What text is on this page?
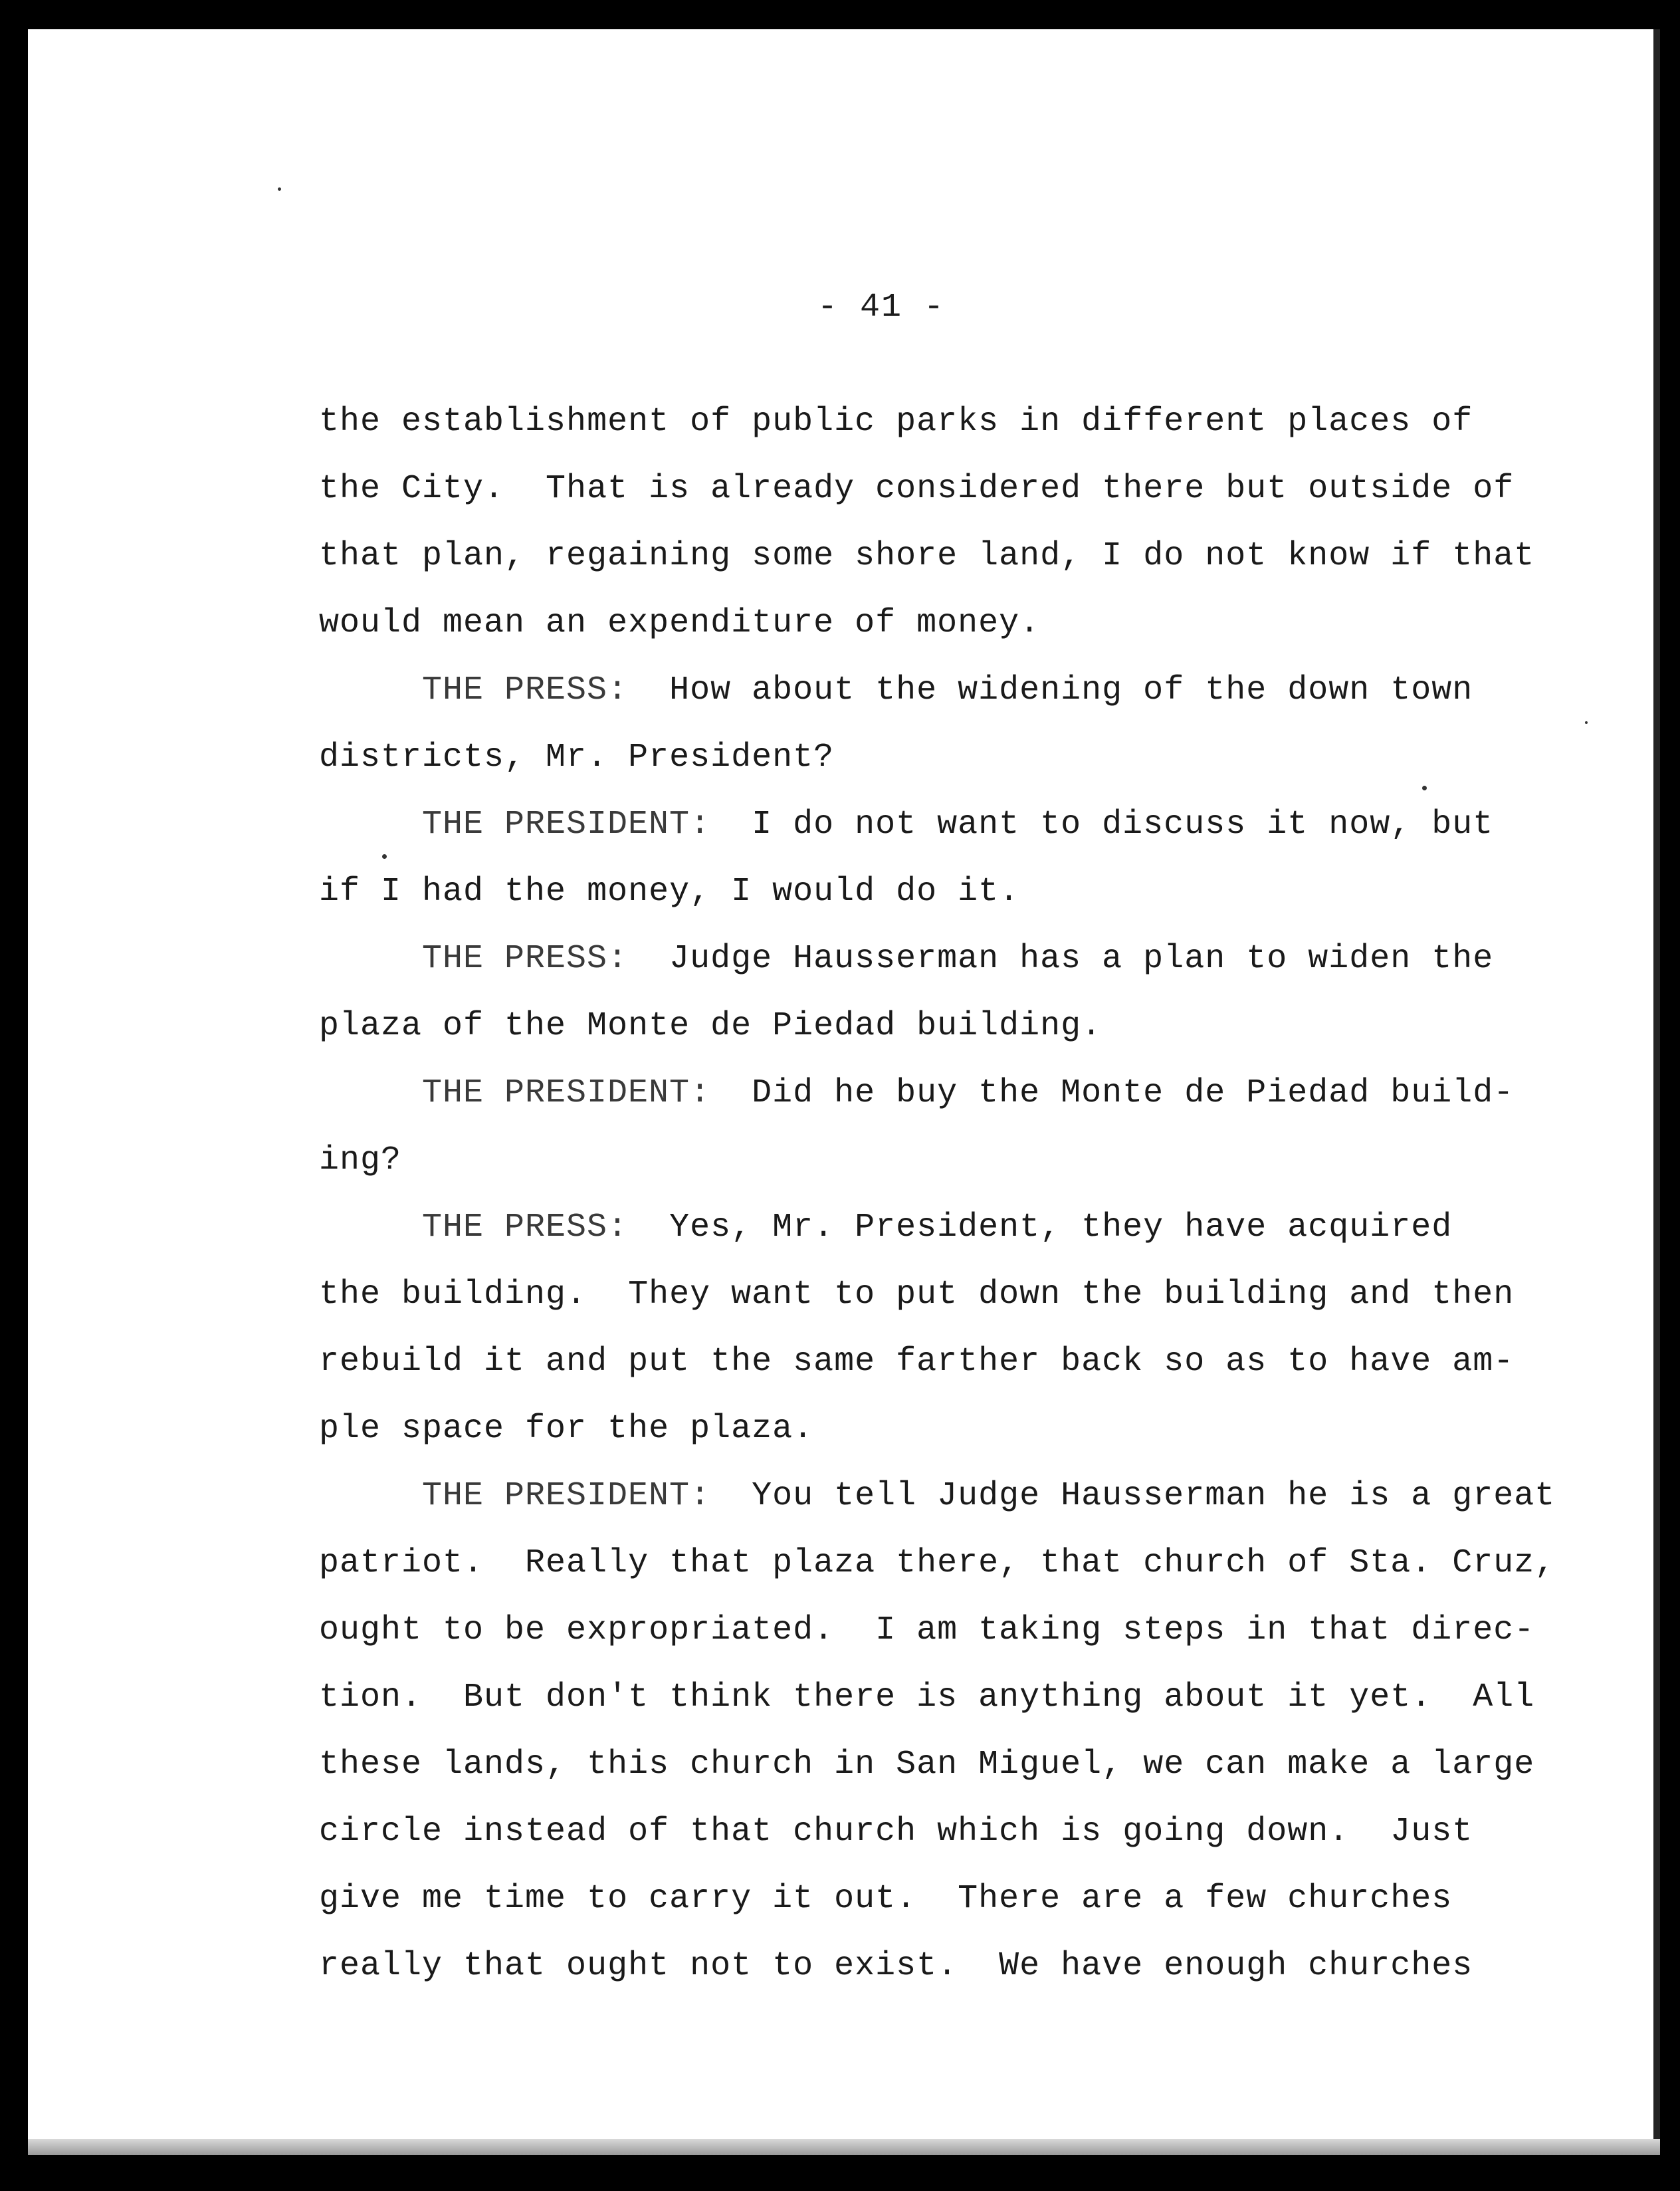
- 41 -
the establishment of public parks in different places of
the City.  That is already considered there but outside of
that plan, regaining some shore land, I do not know if that
would mean an expenditure of money.
THE PRESS:  How about the widening of the down town
districts, Mr. President?
THE PRESIDENT:  I do not want to discuss it now, but
if I had the money, I would do it.
THE PRESS:  Judge Hausserman has a plan to widen the
plaza of the Monte de Piedad building.
THE PRESIDENT:  Did he buy the Monte de Piedad build-
ing?
THE PRESS:  Yes, Mr. President, they have acquired
the building.  They want to put down the building and then
rebuild it and put the same farther back so as to have am-
ple space for the plaza.
THE PRESIDENT:  You tell Judge Hausserman he is a great
patriot.  Really that plaza there, that church of Sta. Cruz,
ought to be expropriated.  I am taking steps in that direc-
tion.  But don't think there is anything about it yet.  All
these lands, this church in San Miguel, we can make a large
circle instead of that church which is going down.  Just
give me time to carry it out.  There are a few churches
really that ought not to exist.  We have enough churches
